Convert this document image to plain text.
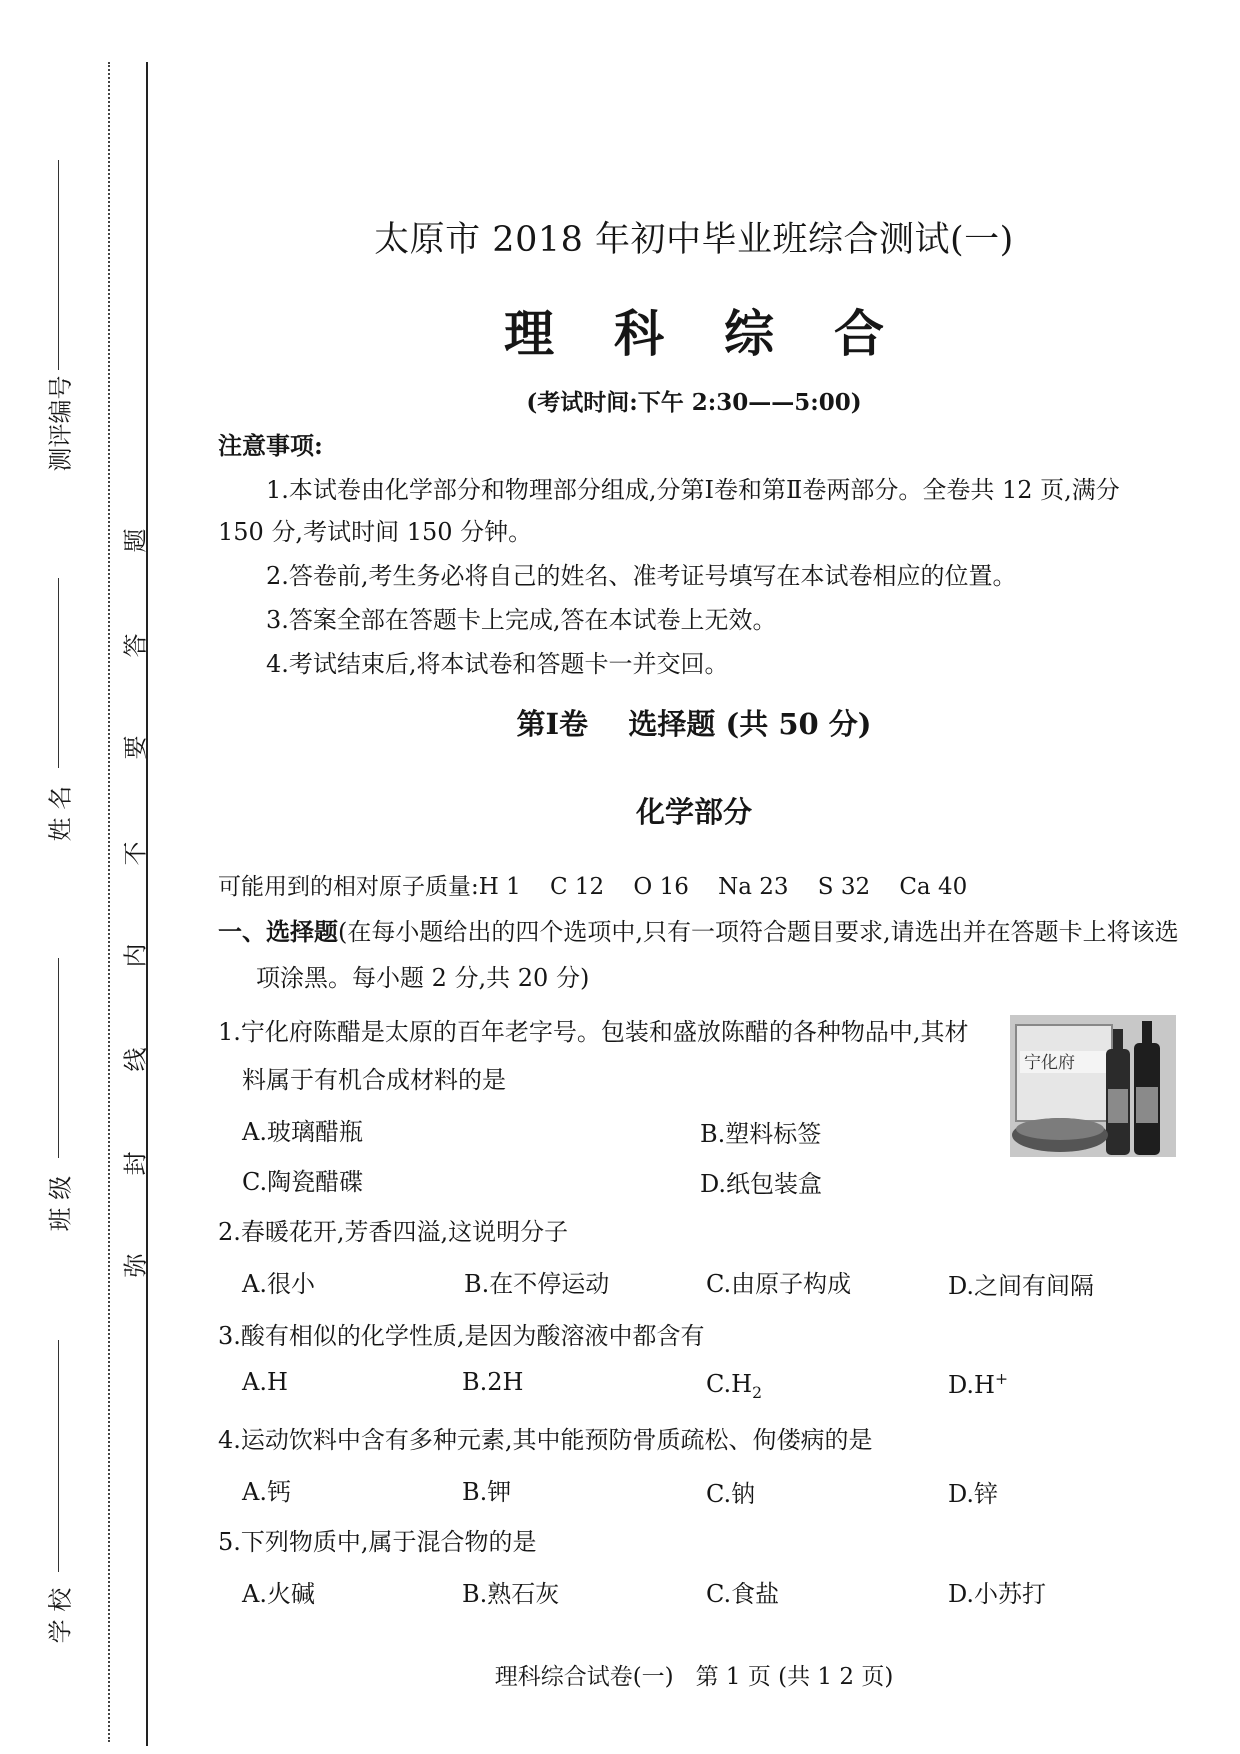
测评编号
姓 名
班 级
学 校
题
答
要
不
内
线
封
弥
太原市 2018 年初中毕业班综合测试(一)
理科综合
(考试时间:下午 2:30——5:00)
注意事项:
1.本试卷由化学部分和物理部分组成,分第Ⅰ卷和第Ⅱ卷两部分。全卷共 12 页,满分
150 分,考试时间 150 分钟。
2.答卷前,考生务必将自己的姓名、准考证号填写在本试卷相应的位置。
3.答案全部在答题卡上完成,答在本试卷上无效。
4.考试结束后,将本试卷和答题卡一并交回。
第Ⅰ卷    选择题 (共 50 分)
化学部分
可能用到的相对原子质量:H 1    C 12    O 16    Na 23    S 32    Ca 40
一、选择题(在每小题给出的四个选项中,只有一项符合题目要求,请选出并在答题卡上将该选
项涂黑。每小题 2 分,共 20 分)
1.宁化府陈醋是太原的百年老字号。包装和盛放陈醋的各种物品中,其材
料属于有机合成材料的是
A.玻璃醋瓶	B.塑料标签
C.陶瓷醋碟	D.纸包装盒
宁化府
2.春暖花开,芳香四溢,这说明分子
A.很小	B.在不停运动	C.由原子构成	D.之间有间隔
3.酸有相似的化学性质,是因为酸溶液中都含有
A.H	B.2H	$C.H_2$	D.H+
4.运动饮料中含有多种元素,其中能预防骨质疏松、佝偻病的是
A.钙	B.钾	C.钠	D.锌
5.下列物质中,属于混合物的是
A.火碱	B.熟石灰	C.食盐	D.小苏打
理科综合试卷(一)   第 1 页 (共 1 2 页)
